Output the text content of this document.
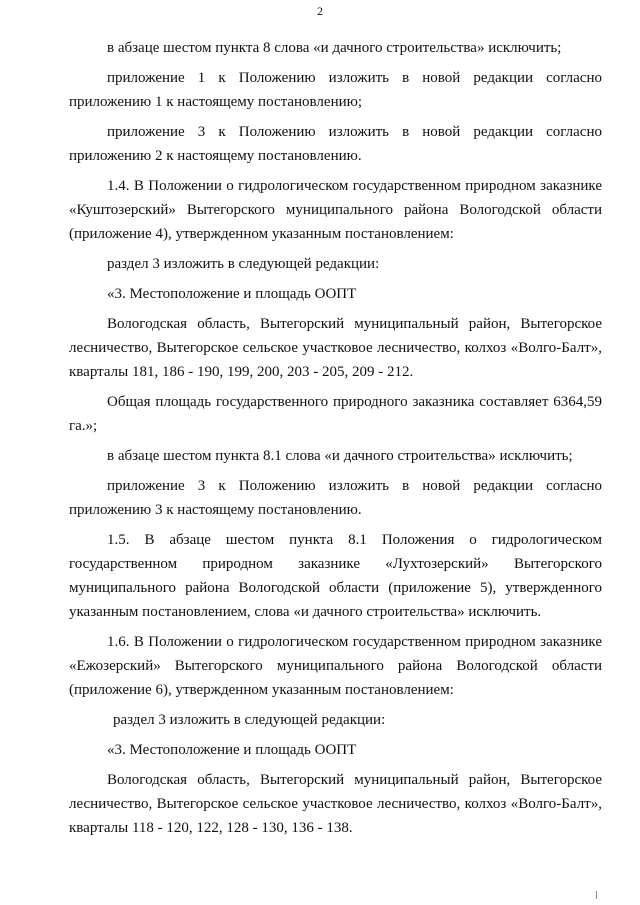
2

в абзаце шестом пункта 8 слова «и дачного строительства» исключить;

приложение 1 к Положению изложить в новой редакции согласно приложению 1 к настоящему постановлению;

приложение 3 к Положению изложить в новой редакции согласно приложению 2 к настоящему постановлению.

1.4. В Положении о гидрологическом государственном природном заказнике «Куштозерский» Вытегорского муниципального района Вологодской области (приложение 4), утвержденном указанным постановлением:

раздел 3 изложить в следующей редакции:

«3. Местоположение и площадь ООПТ

Вологодская область, Вытегорский муниципальный район, Вытегорское лесничество, Вытегорское сельское участковое лесничество, колхоз «Волго-Балт», кварталы 181, 186 - 190, 199, 200, 203 - 205, 209 - 212.

Общая площадь государственного природного заказника составляет 6364,59 га.»;

в абзаце шестом пункта 8.1 слова «и дачного строительства» исключить;

приложение 3 к Положению изложить в новой редакции согласно приложению 3 к настоящему постановлению.

1.5. В абзаце шестом пункта 8.1 Положения о гидрологическом государственном природном заказнике «Лухтозерский» Вытегорского муниципального района Вологодской области (приложение 5), утвержденного указанным постановлением, слова «и дачного строительства» исключить.

1.6. В Положении о гидрологическом государственном природном заказнике «Ежозерский» Вытегорского муниципального района Вологодской области (приложение 6), утвержденном указанным постановлением:

раздел 3 изложить в следующей редакции:

«3. Местоположение и площадь ООПТ

Вологодская область, Вытегорский муниципальный район, Вытегорское лесничество, Вытегорское сельское участковое лесничество, колхоз «Волго-Балт», кварталы 118 - 120, 122, 128 - 130, 136 - 138.
